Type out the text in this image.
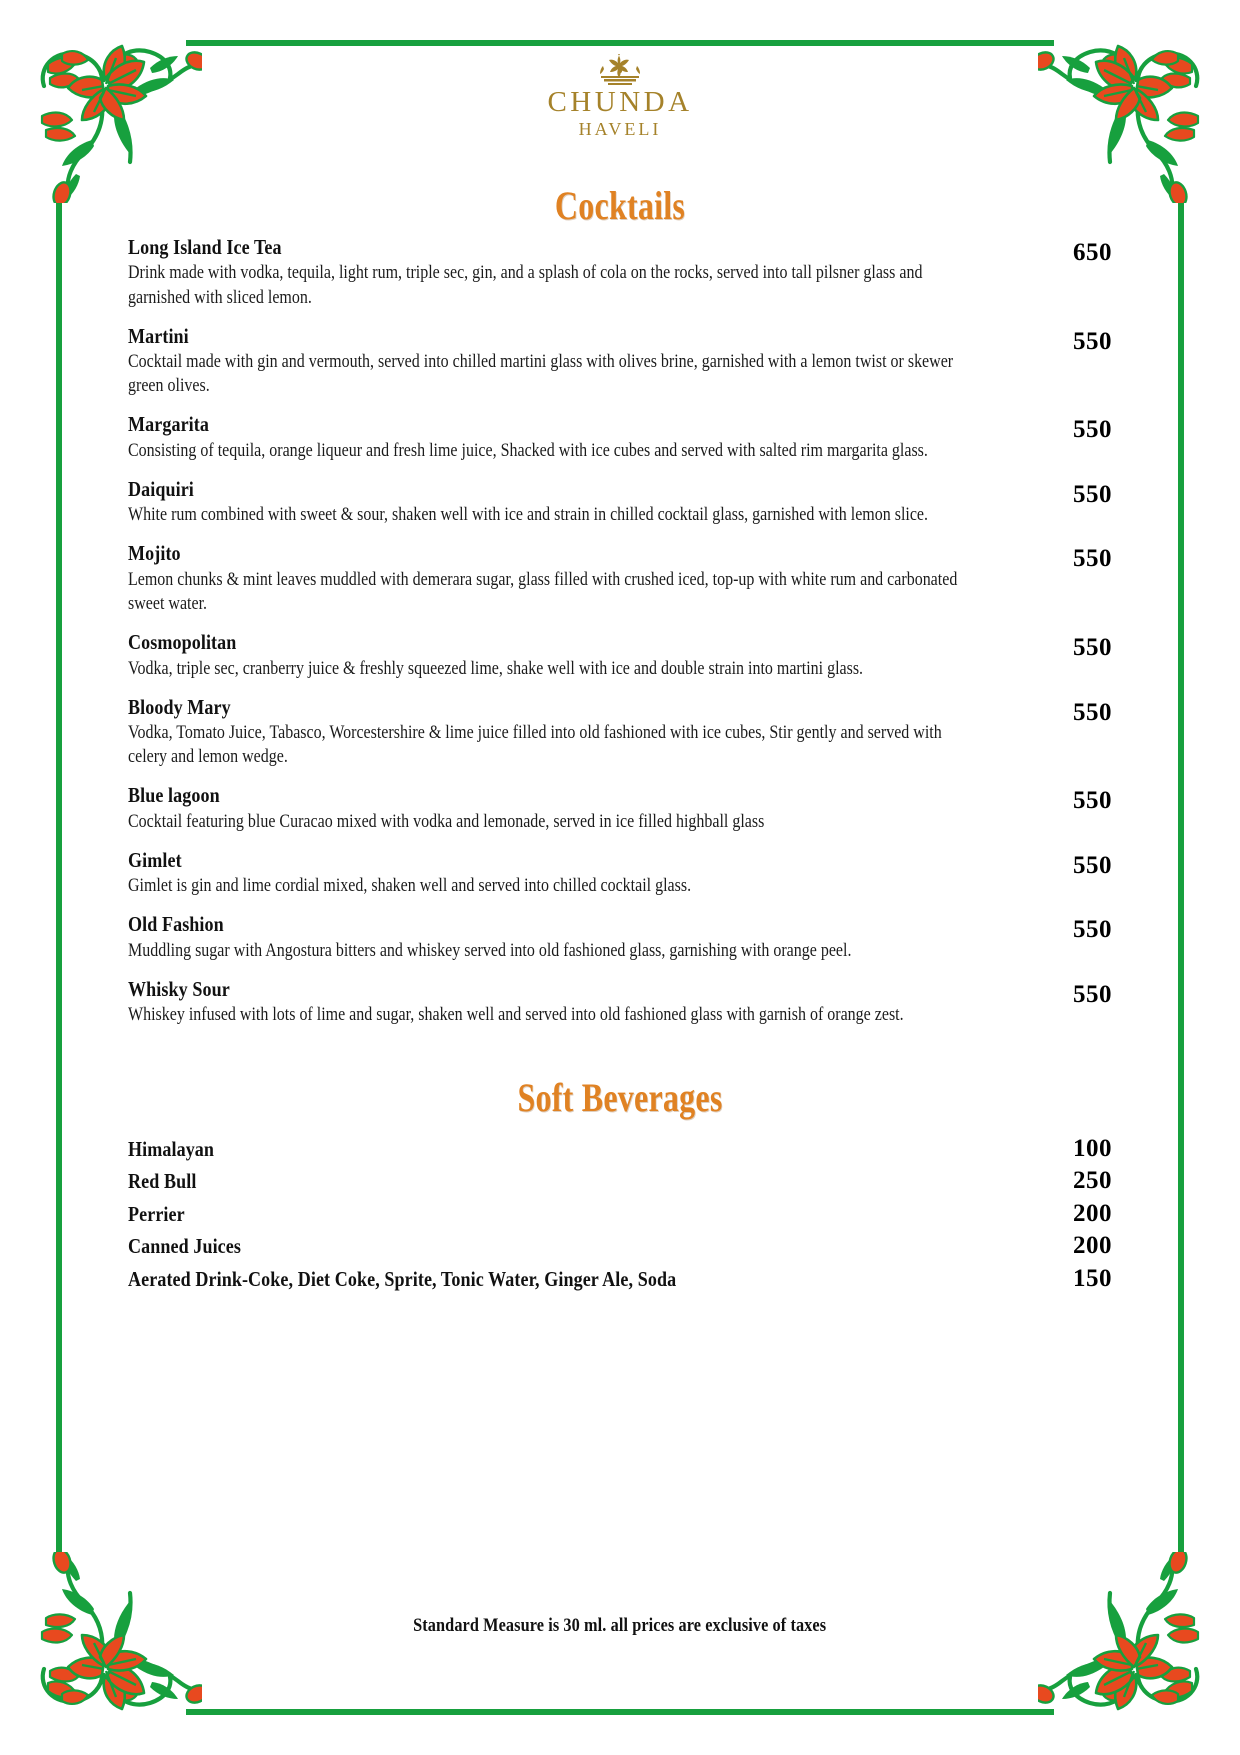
CHUNDA
HAVELI
Cocktails
Long Island Ice Tea
Drink made with vodka, tequila, light rum, triple sec, gin, and a splash of cola on the rocks, served into tall pilsner glass and garnished with sliced lemon.
650
Martini
Cocktail made with gin and vermouth, served into chilled martini glass with olives brine, garnished with a lemon twist or skewer green olives.
550
Margarita
Consisting of tequila, orange liqueur and fresh lime juice, Shacked with ice cubes and served with salted rim margarita glass.
550
Daiquiri
White rum combined with sweet & sour, shaken well with ice and strain in chilled cocktail glass, garnished with lemon slice.
550
Mojito
Lemon chunks & mint leaves muddled with demerara sugar, glass filled with crushed iced, top-up with white rum and carbonated sweet water.
550
Cosmopolitan
Vodka, triple sec, cranberry juice & freshly squeezed lime, shake well with ice and double strain into martini glass.
550
Bloody Mary
Vodka, Tomato Juice, Tabasco, Worcestershire & lime juice filled into old fashioned with ice cubes, Stir gently and served with celery and lemon wedge.
550
Blue lagoon
Cocktail featuring blue Curacao mixed with vodka and lemonade, served in ice filled highball glass
550
Gimlet
Gimlet is gin and lime cordial mixed, shaken well and served into chilled cocktail glass.
550
Old Fashion
Muddling sugar with Angostura bitters and whiskey served into old fashioned glass, garnishing with orange peel.
550
Whisky Sour
Whiskey infused with lots of lime and sugar, shaken well and served into old fashioned glass with garnish of orange zest.
550
Soft Beverages
Himalayan	100
Red Bull	250
Perrier	200
Canned Juices	200
Aerated Drink-Coke, Diet Coke, Sprite, Tonic Water, Ginger Ale, Soda	150
Standard Measure is 30 ml. all prices are exclusive of taxes
